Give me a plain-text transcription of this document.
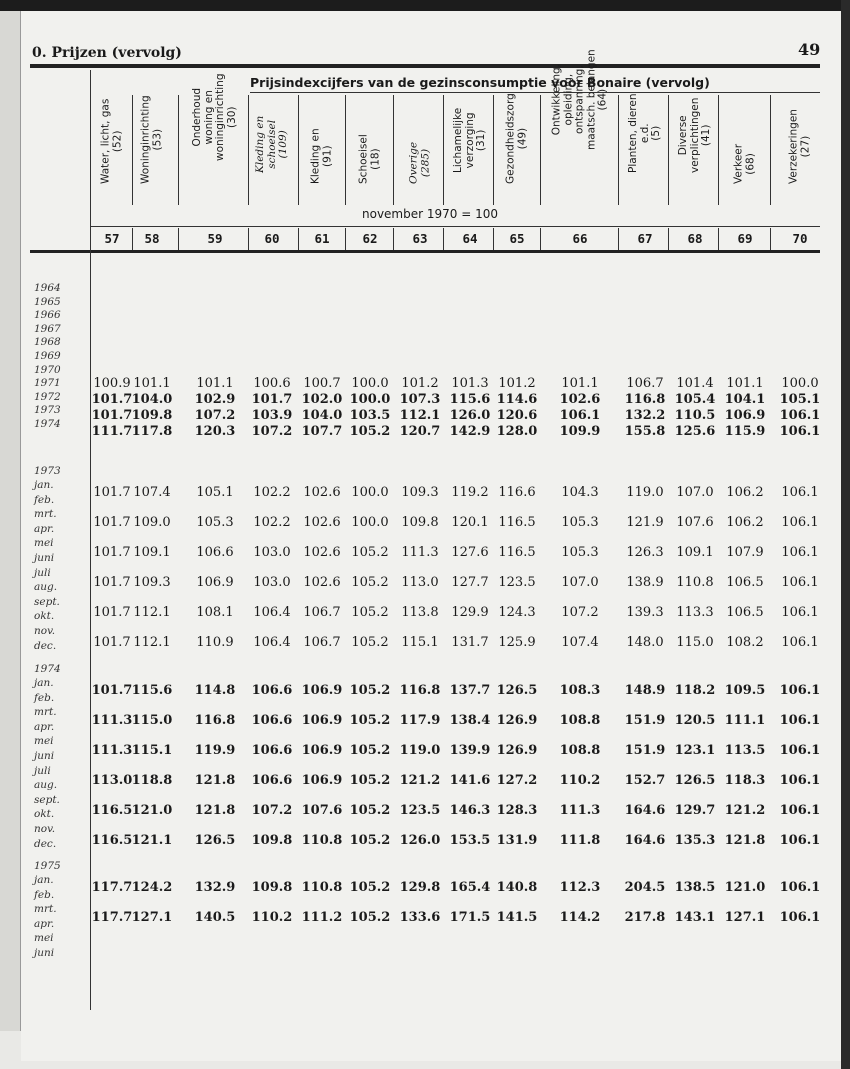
0. Prijzen (vervolg)	49
Prijsindexcijfers van de gezinsconsumptie voor Bonaire (vervolg)
november 1970 = 100
Water, licht, gas
(52)
57
Woninginrichting
(53)
58
Onderhoud
woning en
woninginrichting
(30)
59
Kleding en
schoeisel
(109)
60
Kleding en
(91)
61
Schoeisel
(18)
62
Overige
(285)
63
Lichamelijke
verzorging
(31)
64
Gezondheidszorg
(49)
65
Ontwikkeling,
opleiding,
ontspanning,
maatsch. belangen
(64)
66
Planten, dieren
e.d.
(5)
67
Diverse
verplichtingen
(41)
68
Verkeer
(68)
69
Verzekeringen
(27)
70
1964
1965
1966
1967
1968
1969
1970
1971
1972
1973
1974
100.9 101.1 101.1 100.6 100.7 100.0 101.2 101.3 101.2 101.1 106.7 101.4 101.1 100.0
101.7 104.0 102.9 101.7 102.0 100.0 107.3 115.6 114.6 102.6 116.8 105.4 104.1 105.1
101.7 109.8 107.2 103.9 104.0 103.5 112.1 126.0 120.6 106.1 132.2 110.5 106.9 106.1
111.7 117.8 120.3 107.2 107.7 105.2 120.7 142.9 128.0 109.9 155.8 125.6 115.9 106.1
1973
jan.
feb.
mrt.
apr.
mei
juni
juli
aug.
sept.
okt.
nov.
dec.
101.7 107.4 105.1 102.2 102.6 100.0 109.3 119.2 116.6 104.3 119.0 107.0 106.2 106.1
101.7 109.0 105.3 102.2 102.6 100.0 109.8 120.1 116.5 105.3 121.9 107.6 106.2 106.1
101.7 109.1 106.6 103.0 102.6 105.2 111.3 127.6 116.5 105.3 126.3 109.1 107.9 106.1
101.7 109.3 106.9 103.0 102.6 105.2 113.0 127.7 123.5 107.0 138.9 110.8 106.5 106.1
101.7 112.1 108.1 106.4 106.7 105.2 113.8 129.9 124.3 107.2 139.3 113.3 106.5 106.1
101.7 112.1 110.9 106.4 106.7 105.2 115.1 131.7 125.9 107.4 148.0 115.0 108.2 106.1
1974
jan.
feb.
mrt.
apr.
mei
juni
juli
aug.
sept.
okt.
nov.
dec.
101.7 115.6 114.8 106.6 106.9 105.2 116.8 137.7 126.5 108.3 148.9 118.2 109.5 106.1
111.3 115.0 116.8 106.6 106.9 105.2 117.9 138.4 126.9 108.8 151.9 120.5 111.1 106.1
111.3 115.1 119.9 106.6 106.9 105.2 119.0 139.9 126.9 108.8 151.9 123.1 113.5 106.1
113.0 118.8 121.8 106.6 106.9 105.2 121.2 141.6 127.2 110.2 152.7 126.5 118.3 106.1
116.5 121.0 121.8 107.2 107.6 105.2 123.5 146.3 128.3 111.3 164.6 129.7 121.2 106.1
116.5 121.1 126.5 109.8 110.8 105.2 126.0 153.5 131.9 111.8 164.6 135.3 121.8 106.1
1975
jan.
feb.
mrt.
apr.
mei
juni
117.7 124.2 132.9 109.8 110.8 105.2 129.8 165.4 140.8 112.3 204.5 138.5 121.0 106.1
117.7 127.1 140.5 110.2 111.2 105.2 133.6 171.5 141.5 114.2 217.8 143.1 127.1 106.1
